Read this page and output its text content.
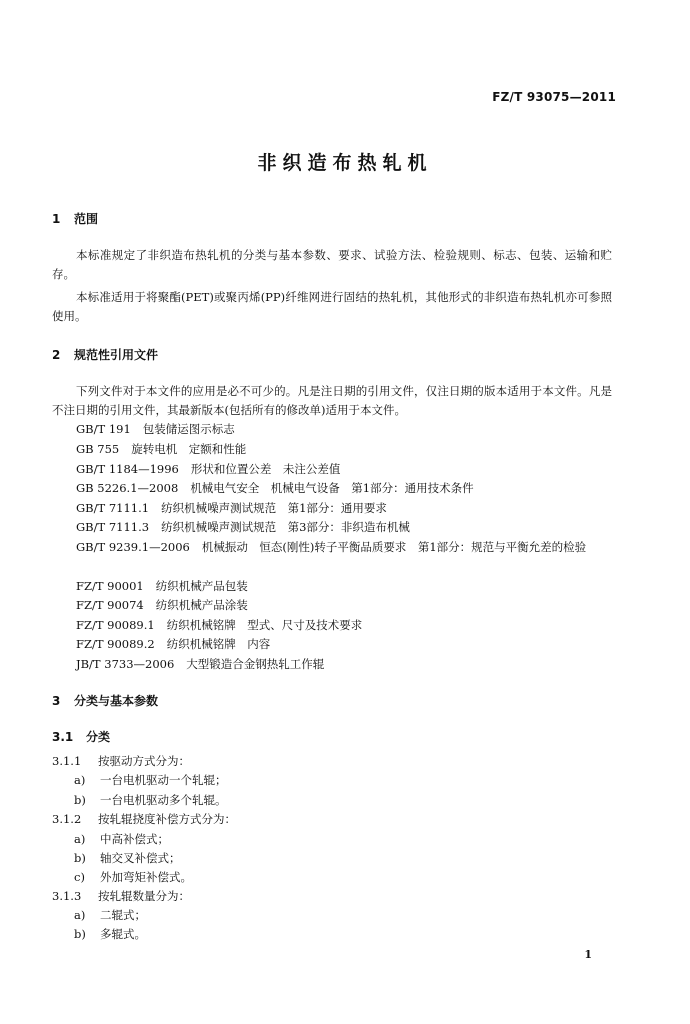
FZ/T 93075—2011
非织造布热轧机
1 范围
本标准规定了非织造布热轧机的分类与基本参数、要求、试验方法、检验规则、标志、包装、运输和贮存。
本标准适用于将聚酯(PET)或聚丙烯(PP)纤维网进行固结的热轧机，其他形式的非织造布热轧机亦可参照使用。
2 规范性引用文件
下列文件对于本文件的应用是必不可少的。凡是注日期的引用文件，仅注日期的版本适用于本文件。凡是不注日期的引用文件，其最新版本(包括所有的修改单)适用于本文件。
GB/T 191 包装储运图示标志
GB 755 旋转电机　定额和性能
GB/T 1184—1996 形状和位置公差　未注公差值
GB 5226.1—2008 机械电气安全　机械电气设备　第1部分：通用技术条件
GB/T 7111.1 纺织机械噪声测试规范　第1部分：通用要求
GB/T 7111.3 纺织机械噪声测试规范　第3部分：非织造布机械
GB/T 9239.1—2006 机械振动　恒态(刚性)转子平衡品质要求　第1部分：规范与平衡允差的检验
FZ/T 90001 纺织机械产品包装
FZ/T 90074 纺织机械产品涂装
FZ/T 90089.1 纺织机械铭牌　型式、尺寸及技术要求
FZ/T 90089.2 纺织机械铭牌　内容
JB/T 3733—2006 大型锻造合金钢热轧工作辊
3 分类与基本参数
3.1 分类
3.1.1 按驱动方式分为：
a) 一台电机驱动一个轧辊；
b) 一台电机驱动多个轧辊。
3.1.2 按轧辊挠度补偿方式分为：
a) 中高补偿式；
b) 轴交叉补偿式；
c) 外加弯矩补偿式。
3.1.3 按轧辊数量分为：
a) 二辊式；
b) 多辊式。
1
